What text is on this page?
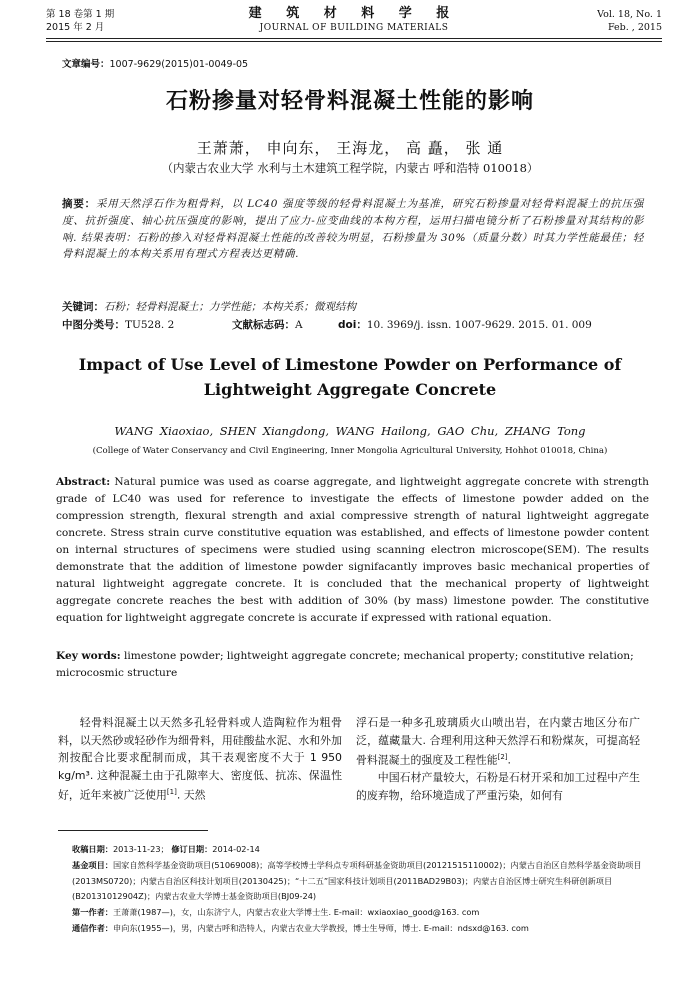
第 18 卷第 1 期
2015 年 2 月
建 筑 材 料 学 报
JOURNAL OF BUILDING MATERIALS
Vol. 18, No. 1
Feb. , 2015
文章编号：1007-9629(2015)01-0049-05
石粉掺量对轻骨料混凝土性能的影响
王萧萧， 申向东， 王海龙， 高 矗， 张 通
（内蒙古农业大学 水利与土木建筑工程学院，内蒙古 呼和浩特 010018）
摘要：采用天然浮石作为粗骨料，以 LC40 强度等级的轻骨料混凝土为基准，研究石粉掺量对轻骨料混凝土的抗压强度、抗折强度、轴心抗压强度的影响，提出了应力-应变曲线的本构方程，运用扫描电镜分析了石粉掺量对其结构的影响. 结果表明：石粉的掺入对轻骨料混凝土性能的改善较为明显，石粉掺量为 30%（质量分数）时其力学性能最佳；轻骨料混凝土的本构关系用有理式方程表达更精确.
关键词：石粉；轻骨料混凝土；力学性能；本构关系；微观结构
中图分类号：TU528. 2	文献标志码：A	doi：10. 3969/j. issn. 1007-9629. 2015. 01. 009
Impact of Use Level of Limestone Powder on Performance of
Lightweight Aggregate Concrete
WANG Xiaoxiao, SHEN Xiangdong, WANG Hailong, GAO Chu, ZHANG Tong
(College of Water Conservancy and Civil Engineering, Inner Mongolia Agricultural University, Hohhot 010018, China)
Abstract: Natural pumice was used as coarse aggregate, and lightweight aggregate concrete with strength grade of LC40 was used for reference to investigate the effects of limestone powder added on the compression strength, flexural strength and axial compressive strength of natural lightweight aggregate concrete. Stress strain curve constitutive equation was established, and effects of limestone powder content on internal structures of specimens were studied using scanning electron microscope(SEM). The results demonstrate that the addition of limestone powder signifacantly improves basic mechanical properties of natural lightweight aggregate concrete. It is concluded that the mechanical property of lightweight aggregate concrete reaches the best with addition of 30% (by mass) limestone powder. The constitutive equation for lightweight aggregate concrete is accurate if expressed with rational equation.
Key words: limestone powder; lightweight aggregate concrete; mechanical property; constitutive relation; microcosmic structure

轻骨料混凝土以天然多孔轻骨料或人造陶粒作为粗骨料，以天然砂或轻砂作为细骨料，用硅酸盐水泥、水和外加剂按配合比要求配制而成，其干表观密度不大于 1 950 kg/m³. 这种混凝土由于孔隙率大、密度低、抗冻、保温性好，近年来被广泛使用[1]. 天然

浮石是一种多孔玻璃质火山喷出岩，在内蒙古地区分布广泛，蕴藏量大. 合理利用这种天然浮石和粉煤灰，可提高轻骨料混凝土的强度及工程性能[2].

中国石材产量较大，石粉是石材开采和加工过程中产生的废弃物，给环境造成了严重污染，如何有

收稿日期：2013-11-23； 修订日期：2014-02-14
基金项目：国家自然科学基金资助项目(51069008)；高等学校博士学科点专项科研基金资助项目(20121515110002)；内蒙古自治区自然科学基金资助项目(2013MS0720)；内蒙古自治区科技计划项目(20130425)；“十二五”国家科技计划项目(2011BAD29B03)；内蒙古自治区博士研究生科研创新项目(B20131012904Z)；内蒙古农业大学博士基金资助项目(BJ09-24)
第一作者：王萧萧(1987—)，女，山东济宁人，内蒙古农业大学博士生. E-mail：wxiaoxiao_good@163. com
通信作者：申向东(1955—)，男，内蒙古呼和浩特人，内蒙古农业大学教授，博士生导师，博士. E-mail：ndsxd@163. com
